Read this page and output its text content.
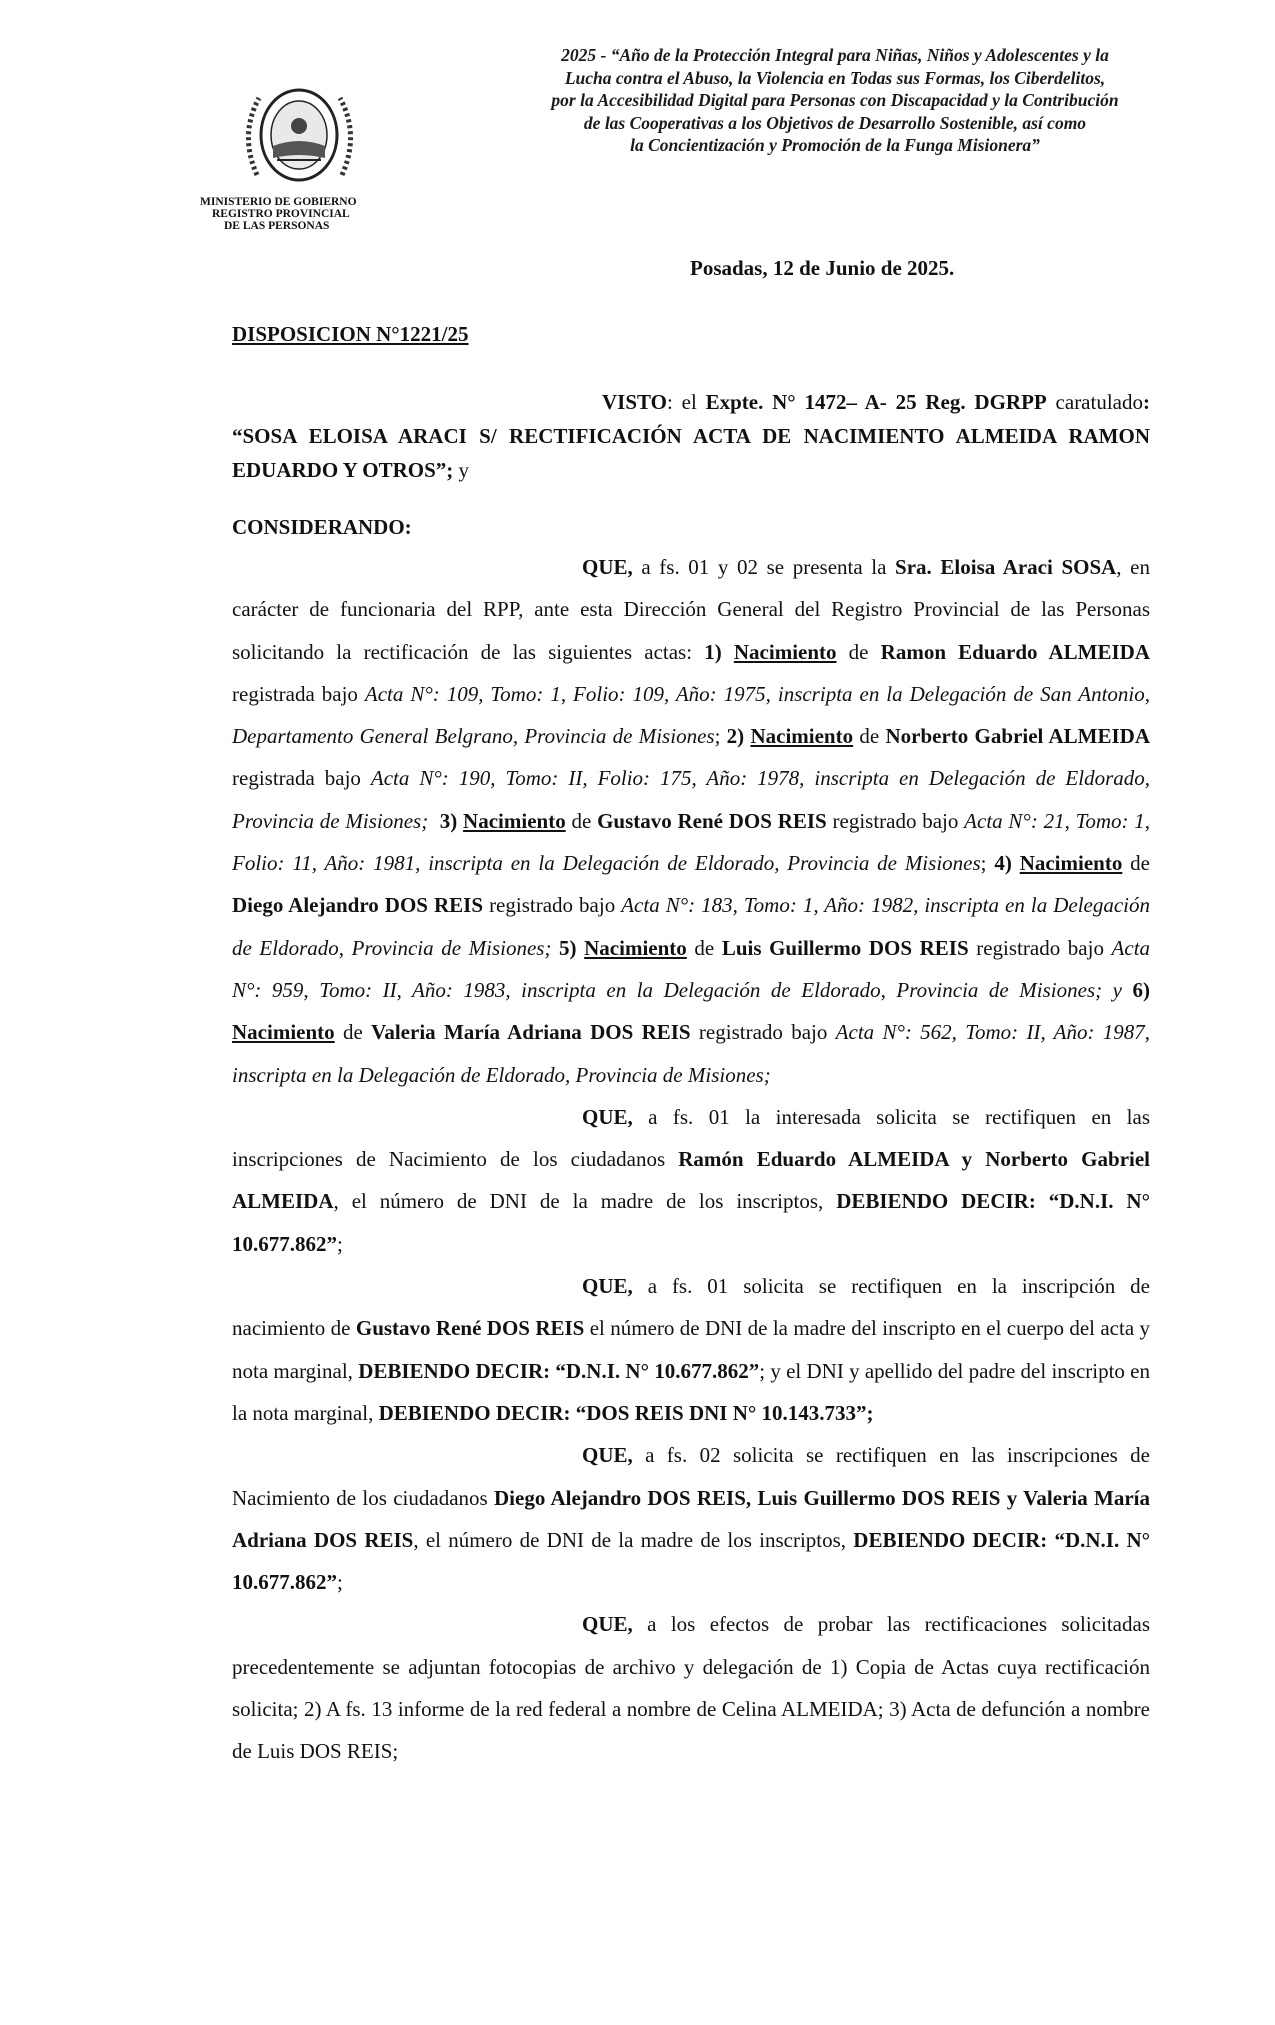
MINISTERIO DE GOBIERNO
REGISTRO PROVINCIAL
DE LAS PERSONAS
2025 - “Año de la Protección Integral para Niñas, Niños y Adolescentes y la
Lucha contra el Abuso, la Violencia en Todas sus Formas, los Ciberdelitos,
por la Accesibilidad Digital para Personas con Discapacidad y la Contribución
de las Cooperativas a los Objetivos de Desarrollo Sostenible, así como
la Concientización y Promoción de la Funga Misionera”
Posadas, 12 de Junio de 2025.
DISPOSICION N°1221/25
VISTO: el Expte. N° 1472– A- 25 Reg. DGRPP caratulado: “SOSA ELOISA ARACI S/ RECTIFICACIÓN ACTA DE NACIMIENTO ALMEIDA RAMON EDUARDO Y OTROS”; y
CONSIDERANDO:

QUE, a fs. 01 y 02 se presenta la Sra. Eloisa Araci SOSA, en carácter de funcionaria del RPP, ante esta Dirección General del Registro Provincial de las Personas solicitando la rectificación de las siguientes actas: 1) Nacimiento de Ramon Eduardo ALMEIDA registrada bajo Acta N°: 109, Tomo: 1, Folio: 109, Año: 1975, inscripta en la Delegación de San Antonio, Departamento General Belgrano, Provincia de Misiones; 2) Nacimiento de Norberto Gabriel ALMEIDA registrada bajo Acta N°: 190, Tomo: II, Folio: 175, Año: 1978, inscripta en Delegación de Eldorado, Provincia de Misiones; 3) Nacimiento de Gustavo René DOS REIS registrado bajo Acta N°: 21, Tomo: 1, Folio: 11, Año: 1981, inscripta en la Delegación de Eldorado, Provincia de Misiones; 4) Nacimiento de Diego Alejandro DOS REIS registrado bajo Acta N°: 183, Tomo: 1, Año: 1982, inscripta en la Delegación de Eldorado, Provincia de Misiones; 5) Nacimiento de Luis Guillermo DOS REIS registrado bajo Acta N°: 959, Tomo: II, Año: 1983, inscripta en la Delegación de Eldorado, Provincia de Misiones; y 6) Nacimiento de Valeria María Adriana DOS REIS registrado bajo Acta N°: 562, Tomo: II, Año: 1987, inscripta en la Delegación de Eldorado, Provincia de Misiones;

QUE, a fs. 01 la interesada solicita se rectifiquen en las inscripciones de Nacimiento de los ciudadanos Ramón Eduardo ALMEIDA y Norberto Gabriel ALMEIDA, el número de DNI de la madre de los inscriptos, DEBIENDO DECIR: “D.N.I. N° 10.677.862”;

QUE, a fs. 01 solicita se rectifiquen en la inscripción de nacimiento de Gustavo René DOS REIS el número de DNI de la madre del inscripto en el cuerpo del acta y nota marginal, DEBIENDO DECIR: “D.N.I. N° 10.677.862”; y el DNI y apellido del padre del inscripto en la nota marginal, DEBIENDO DECIR: “DOS REIS DNI N° 10.143.733”;

QUE, a fs. 02 solicita se rectifiquen en las inscripciones de Nacimiento de los ciudadanos Diego Alejandro DOS REIS, Luis Guillermo DOS REIS y Valeria María Adriana DOS REIS, el número de DNI de la madre de los inscriptos, DEBIENDO DECIR: “D.N.I. N° 10.677.862”;

QUE, a los efectos de probar las rectificaciones solicitadas precedentemente se adjuntan fotocopias de archivo y delegación de 1) Copia de Actas cuya rectificación solicita; 2) A fs. 13 informe de la red federal a nombre de Celina ALMEIDA; 3) Acta de defunción a nombre de Luis DOS REIS;
